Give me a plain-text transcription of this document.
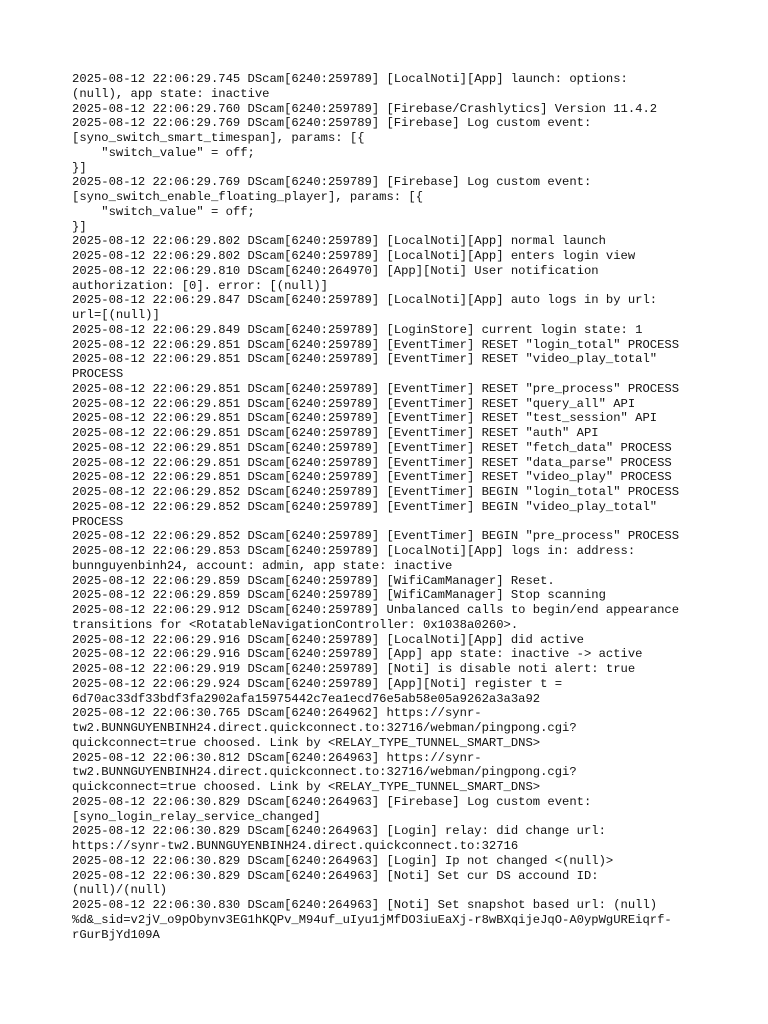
2025-08-12 22:06:29.745 DScam[6240:259789] [LocalNoti][App] launch: options:
(null), app state: inactive
2025-08-12 22:06:29.760 DScam[6240:259789] [Firebase/Crashlytics] Version 11.4.2
2025-08-12 22:06:29.769 DScam[6240:259789] [Firebase] Log custom event:
[syno_switch_smart_timespan], params: [{
"switch_value" = off;
}]
2025-08-12 22:06:29.769 DScam[6240:259789] [Firebase] Log custom event:
[syno_switch_enable_floating_player], params: [{
"switch_value" = off;
}]
2025-08-12 22:06:29.802 DScam[6240:259789] [LocalNoti][App] normal launch
2025-08-12 22:06:29.802 DScam[6240:259789] [LocalNoti][App] enters login view
2025-08-12 22:06:29.810 DScam[6240:264970] [App][Noti] User notification
authorization: [0]. error: [(null)]
2025-08-12 22:06:29.847 DScam[6240:259789] [LocalNoti][App] auto logs in by url:
url=[(null)]
2025-08-12 22:06:29.849 DScam[6240:259789] [LoginStore] current login state: 1
2025-08-12 22:06:29.851 DScam[6240:259789] [EventTimer] RESET "login_total" PROCESS
2025-08-12 22:06:29.851 DScam[6240:259789] [EventTimer] RESET "video_play_total"
PROCESS
2025-08-12 22:06:29.851 DScam[6240:259789] [EventTimer] RESET "pre_process" PROCESS
2025-08-12 22:06:29.851 DScam[6240:259789] [EventTimer] RESET "query_all" API
2025-08-12 22:06:29.851 DScam[6240:259789] [EventTimer] RESET "test_session" API
2025-08-12 22:06:29.851 DScam[6240:259789] [EventTimer] RESET "auth" API
2025-08-12 22:06:29.851 DScam[6240:259789] [EventTimer] RESET "fetch_data" PROCESS
2025-08-12 22:06:29.851 DScam[6240:259789] [EventTimer] RESET "data_parse" PROCESS
2025-08-12 22:06:29.851 DScam[6240:259789] [EventTimer] RESET "video_play" PROCESS
2025-08-12 22:06:29.852 DScam[6240:259789] [EventTimer] BEGIN "login_total" PROCESS
2025-08-12 22:06:29.852 DScam[6240:259789] [EventTimer] BEGIN "video_play_total"
PROCESS
2025-08-12 22:06:29.852 DScam[6240:259789] [EventTimer] BEGIN "pre_process" PROCESS
2025-08-12 22:06:29.853 DScam[6240:259789] [LocalNoti][App] logs in: address:
bunnguyenbinh24, account: admin, app state: inactive
2025-08-12 22:06:29.859 DScam[6240:259789] [WifiCamManager] Reset.
2025-08-12 22:06:29.859 DScam[6240:259789] [WifiCamManager] Stop scanning
2025-08-12 22:06:29.912 DScam[6240:259789] Unbalanced calls to begin/end appearance
transitions for <RotatableNavigationController: 0x1038a0260>.
2025-08-12 22:06:29.916 DScam[6240:259789] [LocalNoti][App] did active
2025-08-12 22:06:29.916 DScam[6240:259789] [App] app state: inactive -> active
2025-08-12 22:06:29.919 DScam[6240:259789] [Noti] is disable noti alert: true
2025-08-12 22:06:29.924 DScam[6240:259789] [App][Noti] register t =
6d70ac33df33bdf3fa2902afa15975442c7ea1ecd76e5ab58e05a9262a3a3a92
2025-08-12 22:06:30.765 DScam[6240:264962] https://synr-
tw2.BUNNGUYENBINH24.direct.quickconnect.to:32716/webman/pingpong.cgi?
quickconnect=true choosed. Link by <RELAY_TYPE_TUNNEL_SMART_DNS>
2025-08-12 22:06:30.812 DScam[6240:264963] https://synr-
tw2.BUNNGUYENBINH24.direct.quickconnect.to:32716/webman/pingpong.cgi?
quickconnect=true choosed. Link by <RELAY_TYPE_TUNNEL_SMART_DNS>
2025-08-12 22:06:30.829 DScam[6240:264963] [Firebase] Log custom event:
[syno_login_relay_service_changed]
2025-08-12 22:06:30.829 DScam[6240:264963] [Login] relay: did change url:
https://synr-tw2.BUNNGUYENBINH24.direct.quickconnect.to:32716
2025-08-12 22:06:30.829 DScam[6240:264963] [Login] Ip not changed <(null)>
2025-08-12 22:06:30.829 DScam[6240:264963] [Noti] Set cur DS accound ID:
(null)/(null)
2025-08-12 22:06:30.830 DScam[6240:264963] [Noti] Set snapshot based url: (null)
%d&_sid=v2jV_o9pObynv3EG1hKQPv_M94uf_uIyu1jMfDO3iuEaXj-r8wBXqijeJqO-A0ypWgUREiqrf-
rGurBjYd109A
